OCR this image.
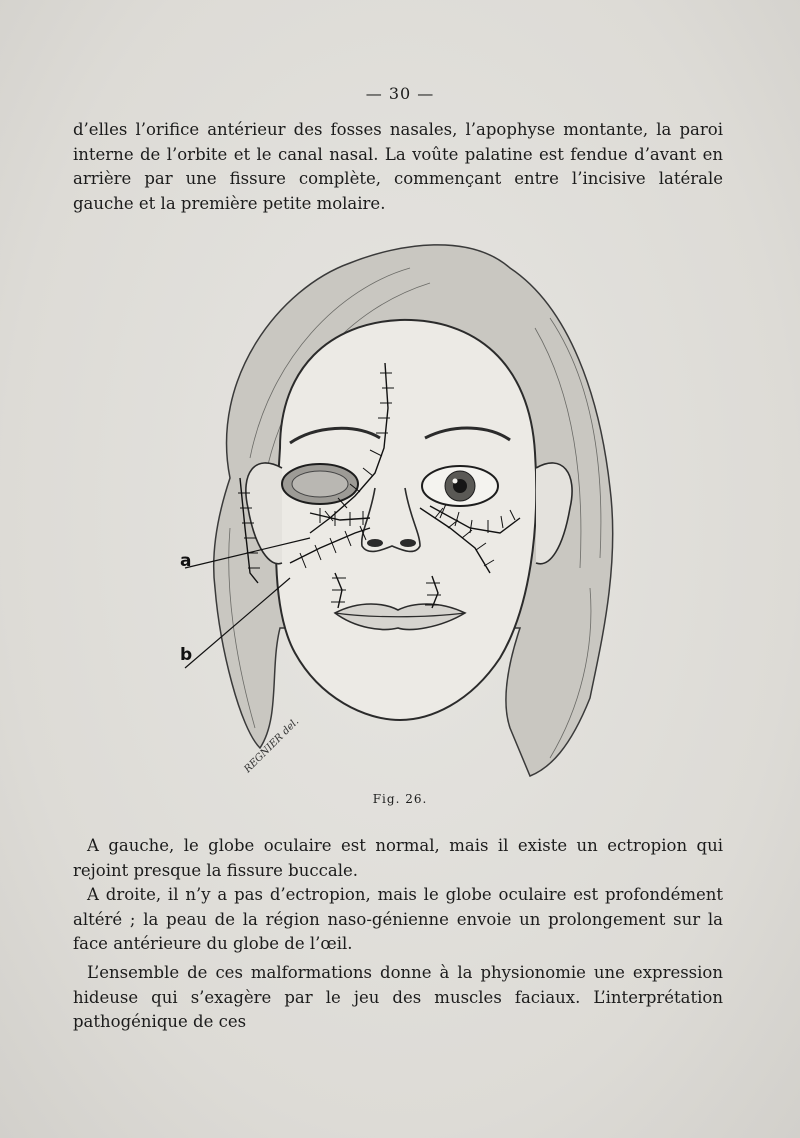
— 30 —

d’elles l’orifice antérieur des fosses nasales, l’apophyse montante, la paroi interne de l’orbite et le canal nasal. La voûte palatine est fendue d’avant en arrière par une fissure complète, commençant entre l’incisive latérale gauche et la première petite molaire.

a
b
REGNIER del.
Fig. 26.

A gauche, le globe oculaire est normal, mais il existe un ectropion qui rejoint presque la fissure buccale.

A droite, il n’y a pas d’ectropion, mais le globe oculaire est profondément altéré ; la peau de la région naso-génienne envoie un prolongement sur la face antérieure du globe de l’œil.

L’ensemble de ces malformations donne à la physionomie une expression hideuse qui s’exagère par le jeu des muscles faciaux. L’interprétation pathogénique de ces
